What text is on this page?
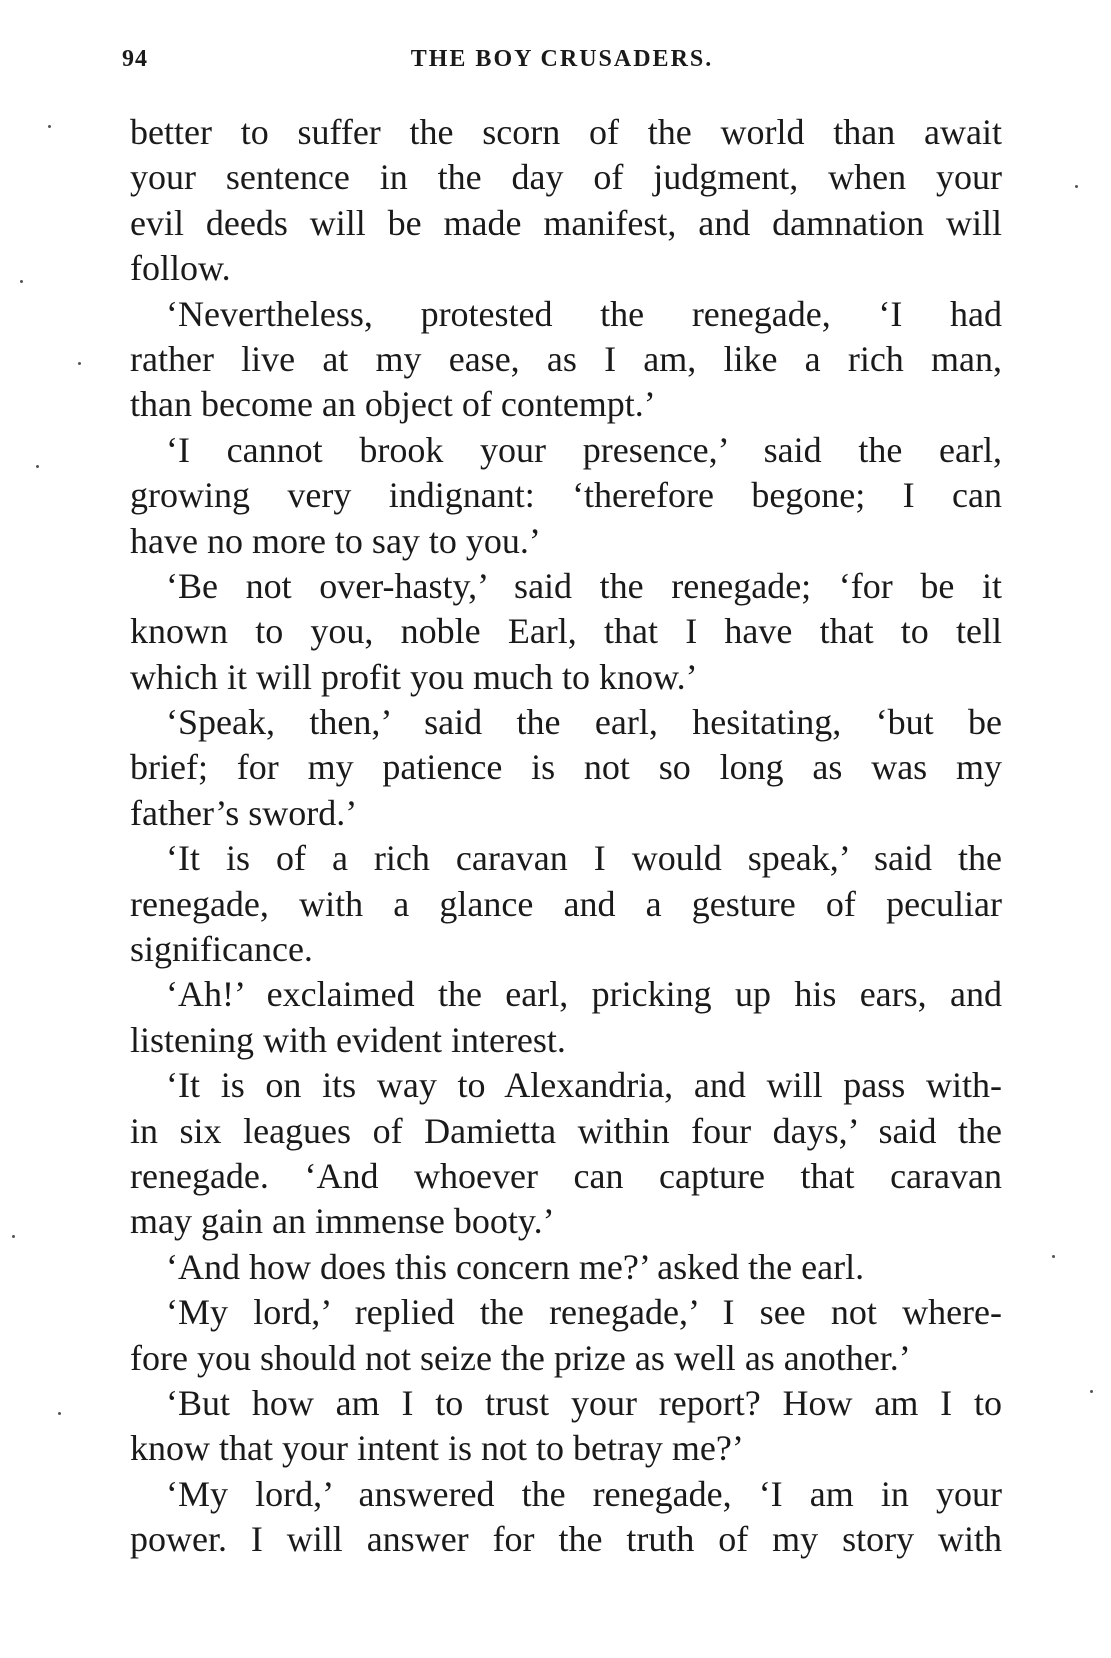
94	THE BOY CRUSADERS.
better to suffer the scorn of the world than await
your sentence in the day of judgment, when your
evil deeds will be made manifest, and damnation will
follow.
‘Nevertheless, protested the renegade, ‘I had
rather live at my ease, as I am, like a rich man,
than become an object of contempt.’
‘I cannot brook your presence,’ said the earl,
growing very indignant: ‘therefore begone; I can
have no more to say to you.’
‘Be not over-hasty,’ said the renegade; ‘for be it
known to you, noble Earl, that I have that to tell
which it will profit you much to know.’
‘Speak, then,’ said the earl, hesitating, ‘but be
brief; for my patience is not so long as was my
father’s sword.’
‘It is of a rich caravan I would speak,’ said the
renegade, with a glance and a gesture of peculiar
significance.
‘Ah!’ exclaimed the earl, pricking up his ears, and
listening with evident interest.
‘It is on its way to Alexandria, and will pass with-
in six leagues of Damietta within four days,’ said the
renegade. ‘And whoever can capture that caravan
may gain an immense booty.’
‘And how does this concern me?’ asked the earl.
‘My lord,’ replied the renegade,’ I see not where-
fore you should not seize the prize as well as another.’
‘But how am I to trust your report? How am I to
know that your intent is not to betray me?’
‘My lord,’ answered the renegade, ‘I am in your
power. I will answer for the truth of my story with
